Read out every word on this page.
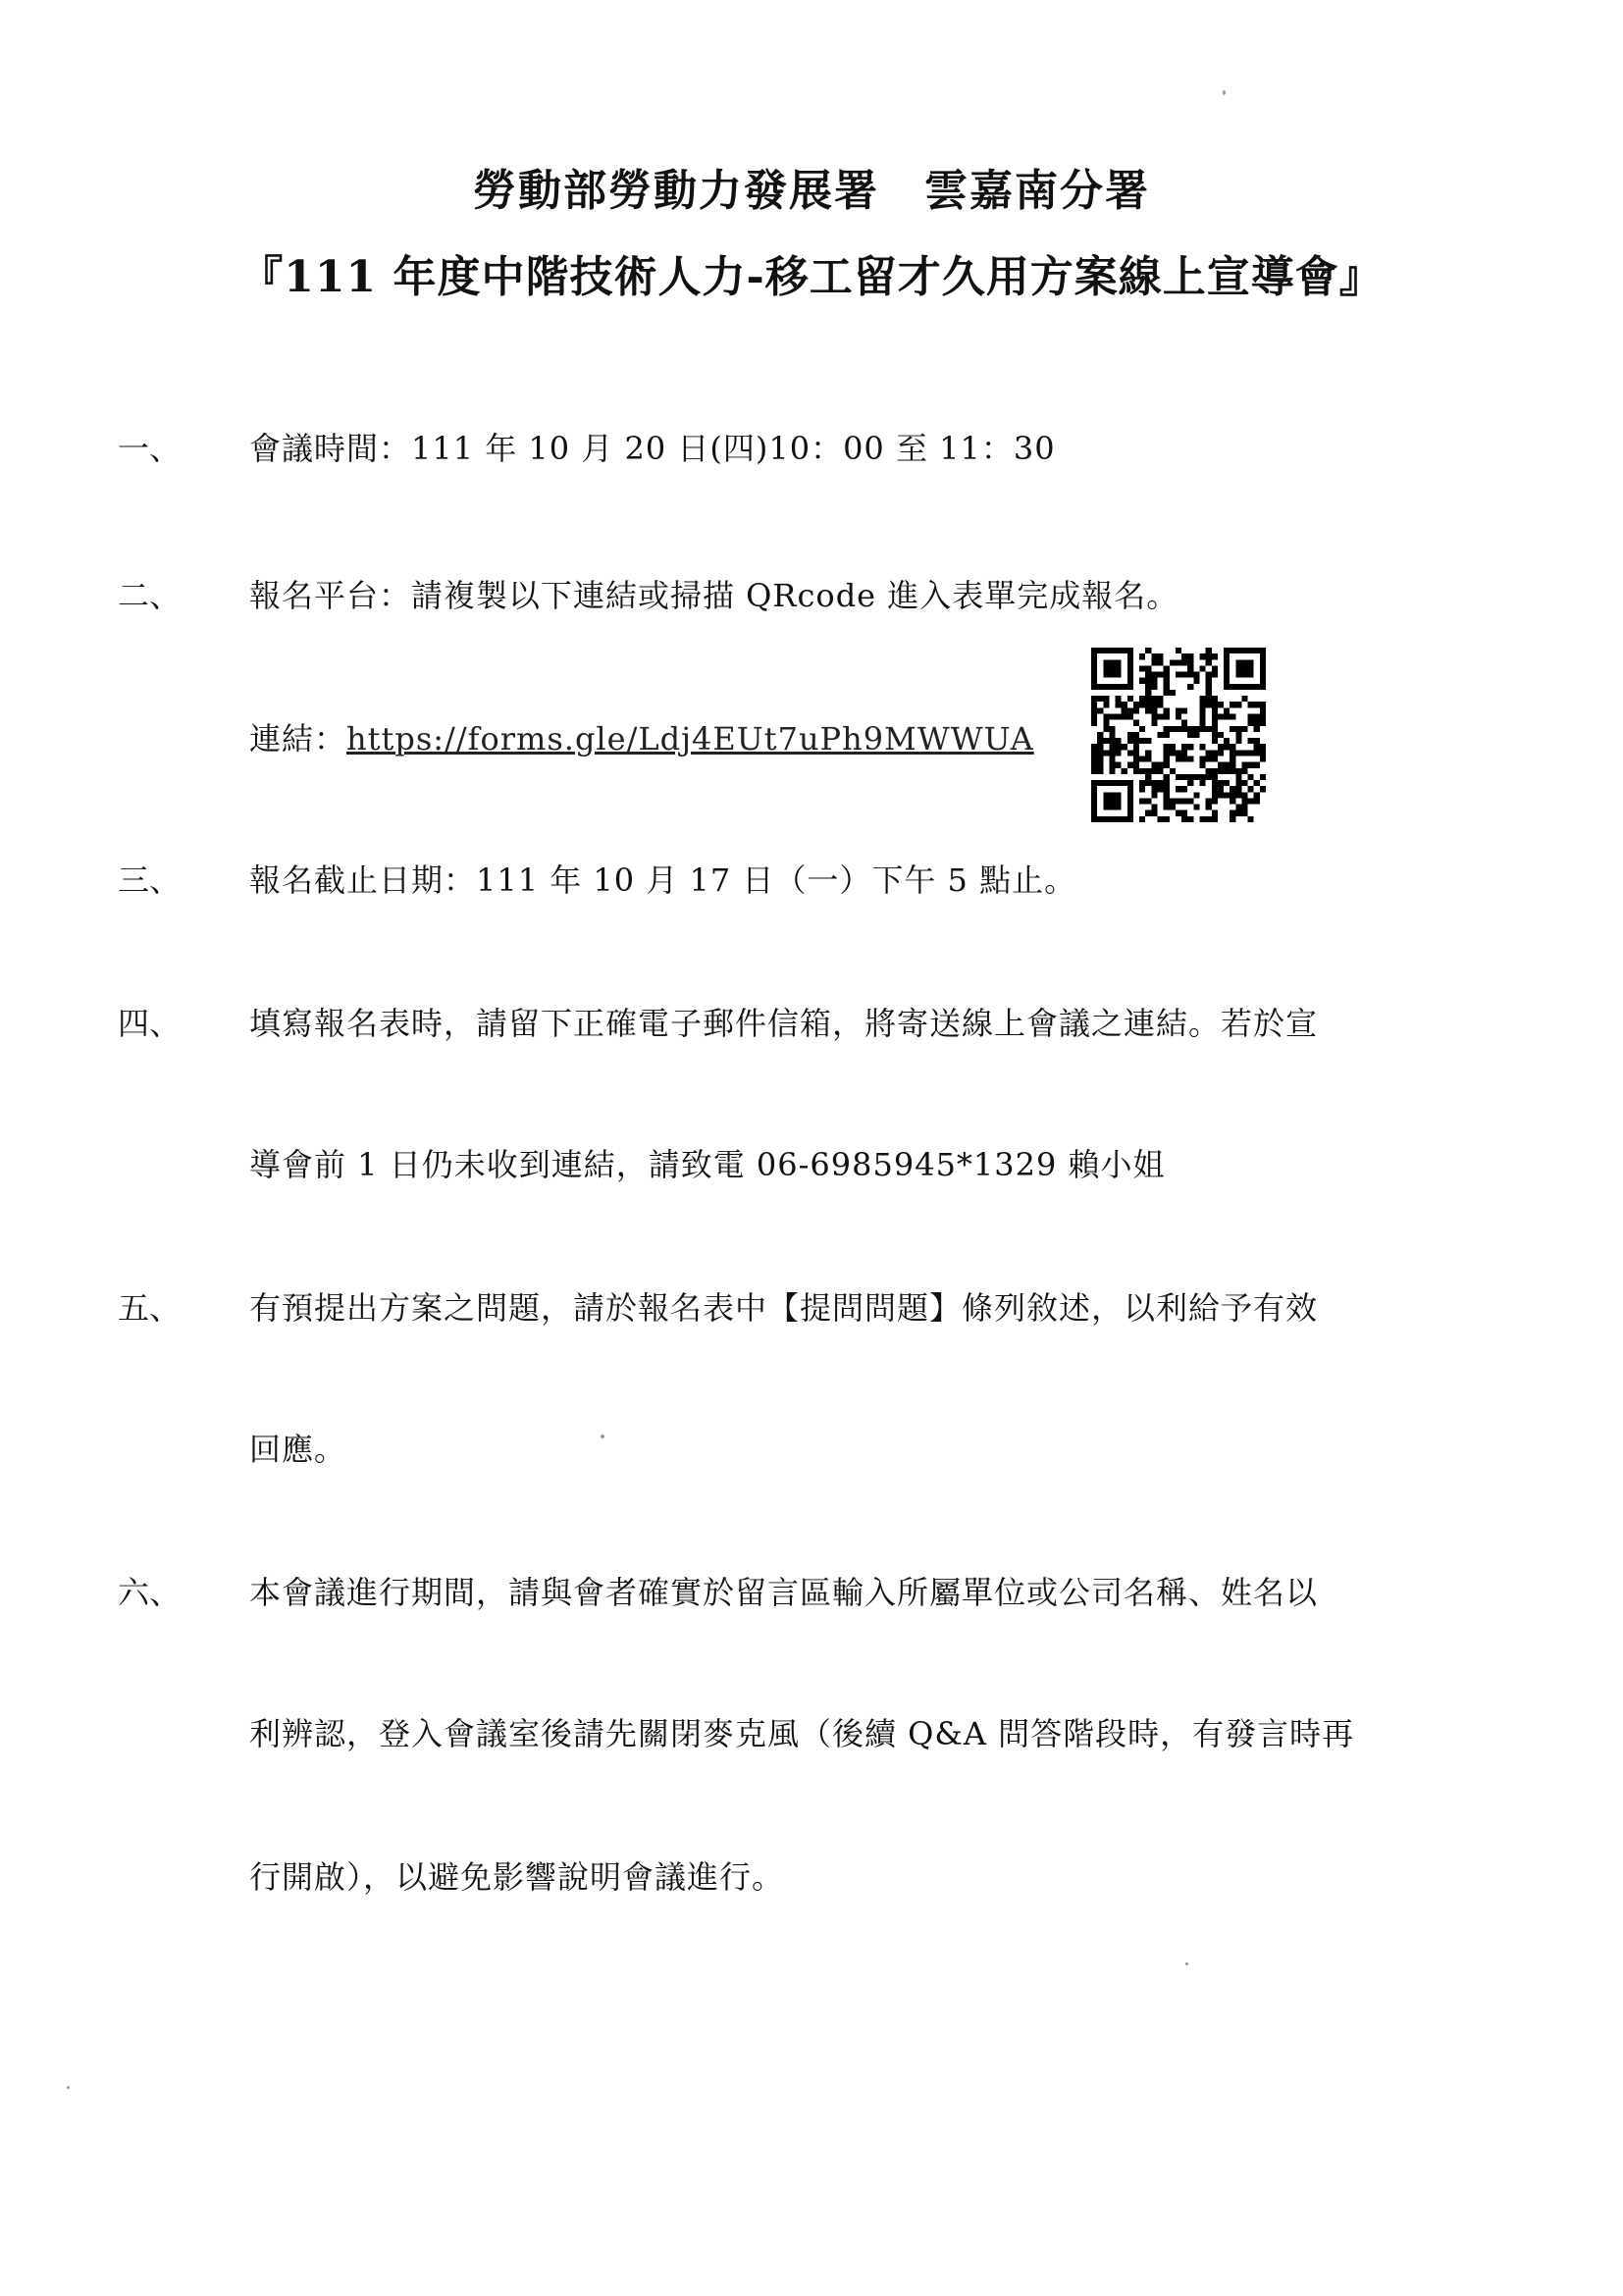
勞動部勞動力發展署　雲嘉南分署
『111 年度中階技術人力-移工留才久用方案線上宣導會』
一、 會議時間：111 年 10 月 20 日(四)10：00 至 11：30
二、 報名平台：請複製以下連結或掃描 QRcode 進入表單完成報名。
連結：https://forms.gle/Ldj4EUt7uPh9MWWUA
三、 報名截止日期：111 年 10 月 17 日（一）下午 5 點止。
四、 填寫報名表時，請留下正確電子郵件信箱，將寄送線上會議之連結。若於宣
導會前 1 日仍未收到連結，請致電 06-6985945*1329 賴小姐
五、 有預提出方案之問題，請於報名表中【提問問題】條列敘述，以利給予有效
回應。
六、 本會議進行期間，請與會者確實於留言區輸入所屬單位或公司名稱、姓名以
利辨認，登入會議室後請先關閉麥克風（後續 Q&A 問答階段時，有發言時再
行開啟），以避免影響說明會議進行。
